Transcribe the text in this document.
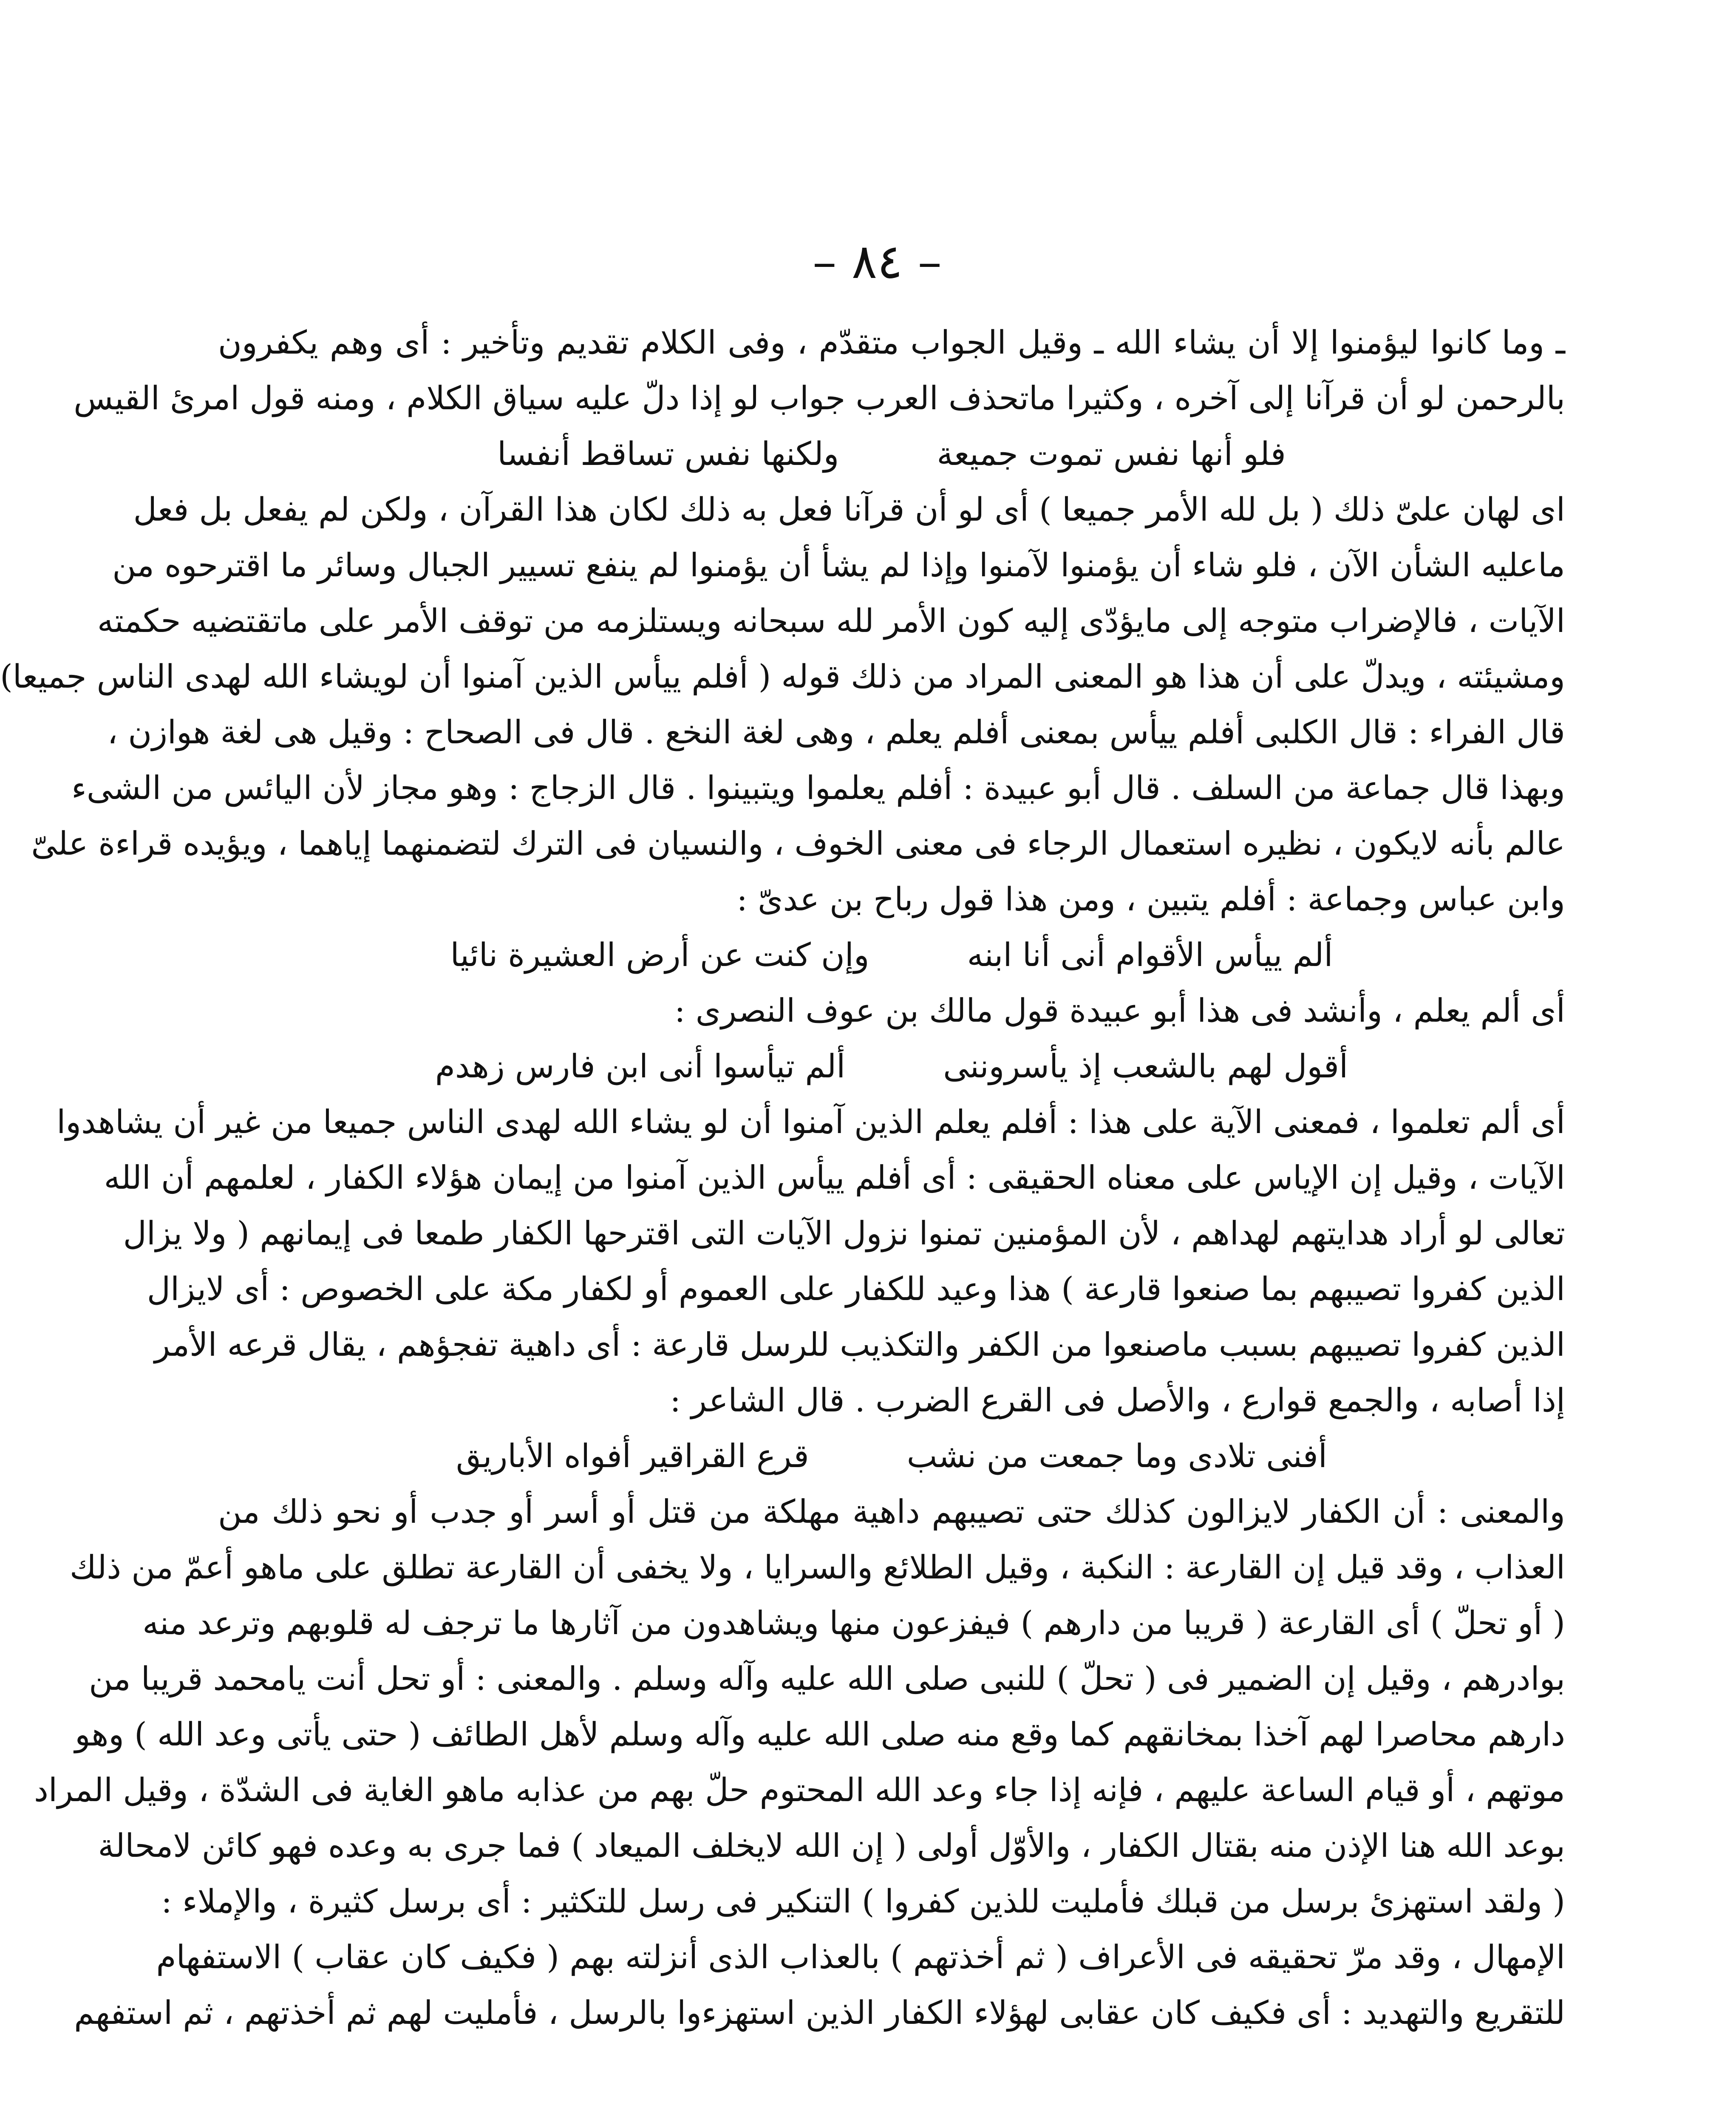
– ٨٤ –
ـ وما كانوا ليؤمنوا إلا أن يشاء الله ـ وقيل الجواب متقدّم ، وفى الكلام تقديم وتأخير : أى وهم يكفرون
بالرحمن لو أن قرآنا إلى آخره ، وكثيرا ماتحذف العرب جواب لو إذا دلّ عليه سياق الكلام ، ومنه قول امرئ القيس
فلو أنها نفس تموت جميعة
ولكنها نفس تساقط أنفسا
اى لهان علىّ ذلك ( بل لله الأمر جميعا ) أى لو أن قرآنا فعل به ذلك لكان هذا القرآن ، ولكن لم يفعل بل فعل
ماعليه الشأن الآن ، فلو شاء أن يؤمنوا لآمنوا وإذا لم يشأ أن يؤمنوا لم ينفع تسيير الجبال وسائر ما اقترحوه من
الآيات ، فالإضراب متوجه إلى مايؤدّى إليه كون الأمر لله سبحانه ويستلزمه من توقف الأمر على ماتقتضيه حكمته
ومشيئته ، ويدلّ على أن هذا هو المعنى المراد من ذلك قوله ( أفلم ييأس الذين آمنوا أن لويشاء الله لهدى الناس جميعا)
قال الفراء : قال الكلبى أفلم ييأس بمعنى أفلم يعلم ، وهى لغة النخع . قال فى الصحاح : وقيل هى لغة هوازن ،
وبهذا قال جماعة من السلف . قال أبو عبيدة : أفلم يعلموا ويتبينوا . قال الزجاج : وهو مجاز لأن اليائس من الشىء
عالم بأنه لايكون ، نظيره استعمال الرجاء فى معنى الخوف ، والنسيان فى الترك لتضمنهما إياهما ، ويؤيده قراءة علىّ
وابن عباس وجماعة : أفلم يتبين ، ومن هذا قول رباح بن عدىّ :
ألم ييأس الأقوام أنى أنا ابنه
وإن كنت عن أرض العشيرة نائيا
أى ألم يعلم ، وأنشد فى هذا أبو عبيدة قول مالك بن عوف النصرى :
أقول لهم بالشعب إذ يأسروننى
ألم تيأسوا أنى ابن فارس زهدم
أى ألم تعلموا ، فمعنى الآية على هذا : أفلم يعلم الذين آمنوا أن لو يشاء الله لهدى الناس جميعا من غير أن يشاهدوا
الآيات ، وقيل إن الإياس على معناه الحقيقى : أى أفلم ييأس الذين آمنوا من إيمان هؤلاء الكفار ، لعلمهم أن الله
تعالى لو أراد هدايتهم لهداهم ، لأن المؤمنين تمنوا نزول الآيات التى اقترحها الكفار طمعا فى إيمانهم ( ولا يزال
الذين كفروا تصيبهم بما صنعوا قارعة ) هذا وعيد للكفار على العموم أو لكفار مكة على الخصوص : أى لايزال
الذين كفروا تصيبهم بسبب ماصنعوا من الكفر والتكذيب للرسل قارعة : أى داهية تفجؤهم ، يقال قرعه الأمر
إذا أصابه ، والجمع قوارع ، والأصل فى القرع الضرب . قال الشاعر :
أفنى تلادى وما جمعت من نشب
قرع القراقير أفواه الأباريق
والمعنى : أن الكفار لايزالون كذلك حتى تصيبهم داهية مهلكة من قتل أو أسر أو جدب أو نحو ذلك من
العذاب ، وقد قيل إن القارعة : النكبة ، وقيل الطلائع والسرايا ، ولا يخفى أن القارعة تطلق على ماهو أعمّ من ذلك
( أو تحلّ ) أى القارعة ( قريبا من دارهم ) فيفزعون منها ويشاهدون من آثارها ما ترجف له قلوبهم وترعد منه
بوادرهم ، وقيل إن الضمير فى ( تحلّ ) للنبى صلى الله عليه وآله وسلم . والمعنى : أو تحل أنت يامحمد قريبا من
دارهم محاصرا لهم آخذا بمخانقهم كما وقع منه صلى الله عليه وآله وسلم لأهل الطائف ( حتى يأتى وعد الله ) وهو
موتهم ، أو قيام الساعة عليهم ، فإنه إذا جاء وعد الله المحتوم حلّ بهم من عذابه ماهو الغاية فى الشدّة ، وقيل المراد
بوعد الله هنا الإذن منه بقتال الكفار ، والأوّل أولى ( إن الله لايخلف الميعاد ) فما جرى به وعده فهو كائن لامحالة
( ولقد استهزئ برسل من قبلك فأمليت للذين كفروا ) التنكير فى رسل للتكثير : أى برسل كثيرة ، والإملاء :
الإمهال ، وقد مرّ تحقيقه فى الأعراف ( ثم أخذتهم ) بالعذاب الذى أنزلته بهم ( فكيف كان عقاب ) الاستفهام
للتقريع والتهديد : أى فكيف كان عقابى لهؤلاء الكفار الذين استهزءوا بالرسل ، فأمليت لهم ثم أخذتهم ، ثم استفهم
